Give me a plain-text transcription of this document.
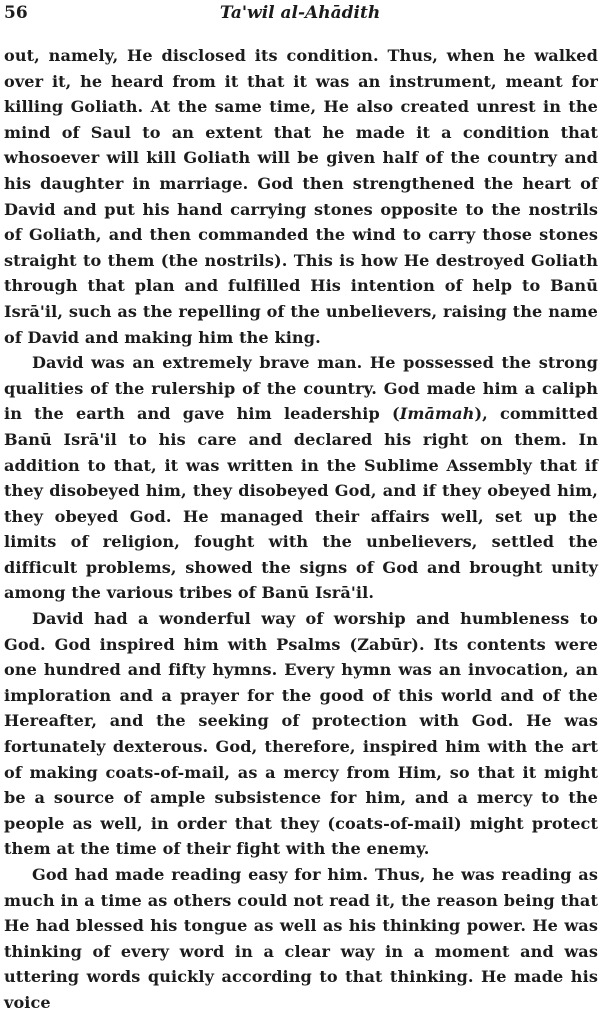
56	Ta'wil al-Ahādith

out, namely, He disclosed its condition. Thus, when he walked over it, he heard from it that it was an instrument, meant for killing Goliath. At the same time, He also created unrest in the mind of Saul to an extent that he made it a condition that whosoever will kill Goliath will be given half of the country and his daughter in marriage. God then strengthened the heart of David and put his hand carrying stones opposite to the nostrils of Goliath, and then commanded the wind to carry those stones straight to them (the nostrils). This is how He destroyed Goliath through that plan and fulfilled His intention of help to Banū Isrā'il, such as the repelling of the unbelievers, raising the name of David and making him the king.

David was an extremely brave man. He possessed the strong qualities of the rulership of the country. God made him a caliph in the earth and gave him leadership (Imāmah), committed Banū Isrā'il to his care and declared his right on them. In addition to that, it was written in the Sublime Assembly that if they disobeyed him, they disobeyed God, and if they obeyed him, they obeyed God. He managed their affairs well, set up the limits of religion, fought with the unbelievers, settled the difficult problems, showed the signs of God and brought unity among the various tribes of Banū Isrā'il.

David had a wonderful way of worship and humbleness to God. God inspired him with Psalms (Zabūr). Its contents were one hundred and fifty hymns. Every hymn was an invocation, an imploration and a prayer for the good of this world and of the Hereafter, and the seeking of protection with God. He was fortunately dexterous. God, therefore, inspired him with the art of making coats-of-mail, as a mercy from Him, so that it might be a source of ample subsistence for him, and a mercy to the people as well, in order that they (coats-of-mail) might protect them at the time of their fight with the enemy.

God had made reading easy for him. Thus, he was reading as much in a time as others could not read it, the reason being that He had blessed his tongue as well as his thinking power. He was thinking of every word in a clear way in a moment and was uttering words quickly according to that thinking. He made his voice
